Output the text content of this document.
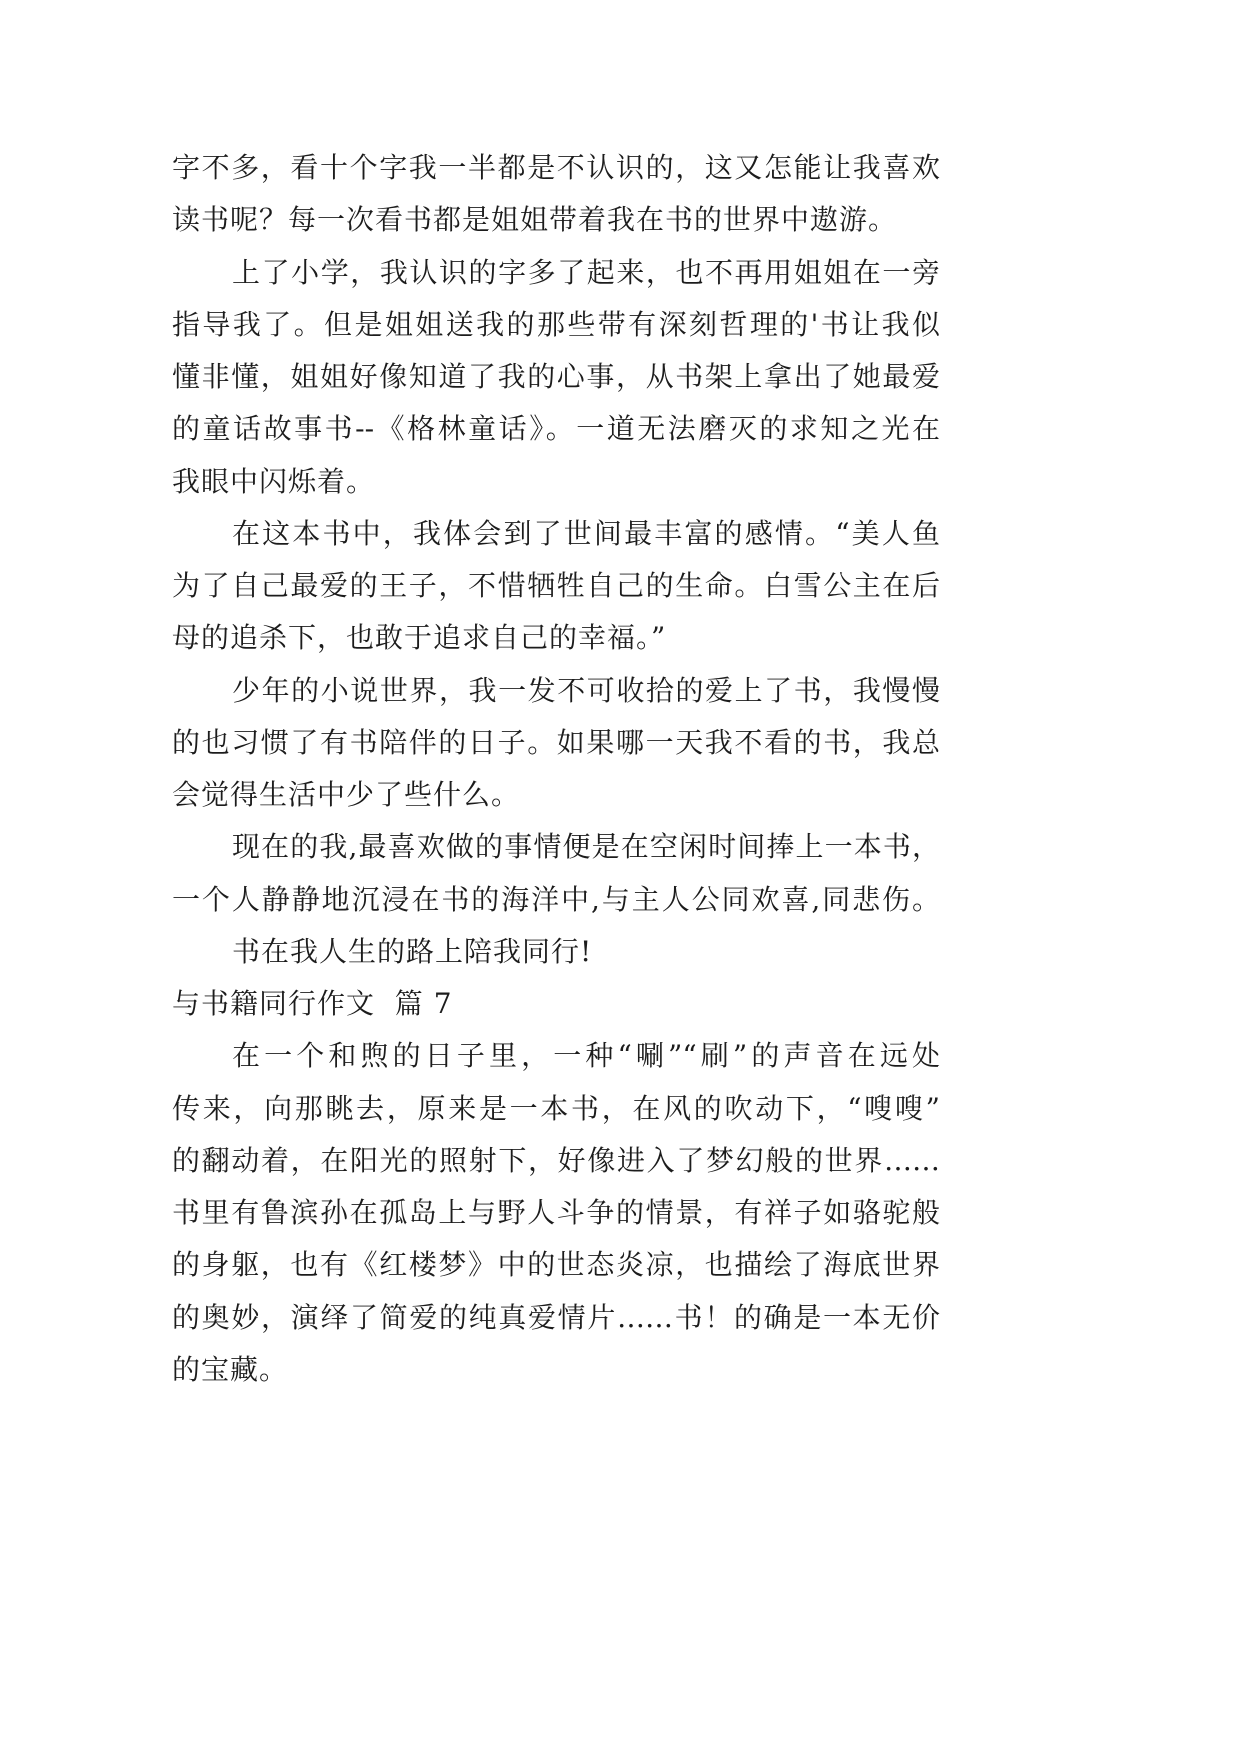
字不多，看十个字我一半都是不认识的，这又怎能让我喜欢
读书呢？每一次看书都是姐姐带着我在书的世界中遨游。
上了小学，我认识的字多了起来，也不再用姐姐在一旁
指导我了。但是姐姐送我的那些带有深刻哲理的'书让我似
懂非懂，姐姐好像知道了我的心事，从书架上拿出了她最爱
的童话故事书--《格林童话》。一道无法磨灭的求知之光在
我眼中闪烁着。
在这本书中，我体会到了世间最丰富的感情。“美人鱼
为了自己最爱的王子，不惜牺牲自己的生命。白雪公主在后
母的追杀下，也敢于追求自己的幸福。”
少年的小说世界，我一发不可收拾的爱上了书，我慢慢
的也习惯了有书陪伴的日子。如果哪一天我不看的书，我总
会觉得生活中少了些什么。
现在的我,最喜欢做的事情便是在空闲时间捧上一本书，
一个人静静地沉浸在书的海洋中,与主人公同欢喜,同悲伤。
书在我人生的路上陪我同行!
与书籍同行作文  篇 7
在一个和煦的日子里，一种“唰”“刷”的声音在远处
传来，向那眺去，原来是一本书，在风的吹动下，“嗖嗖”
的翻动着，在阳光的照射下，好像进入了梦幻般的世界……
书里有鲁滨孙在孤岛上与野人斗争的情景，有祥子如骆驼般
的身躯，也有《红楼梦》中的世态炎凉，也描绘了海底世界
的奥妙，演绎了简爱的纯真爱情片……书！的确是一本无价
的宝藏。
